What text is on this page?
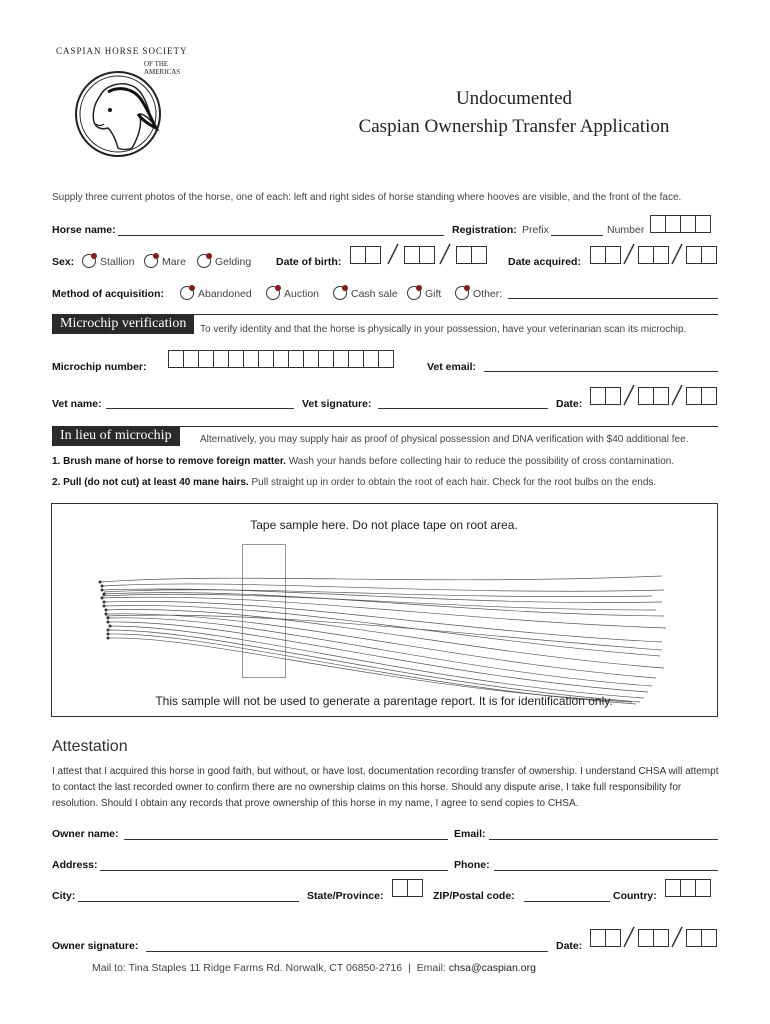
CASPIAN HORSE SOCIETY
OF THE AMERICAS
Undocumented
Caspian Ownership Transfer Application
Supply three current photos of the horse, one of each: left and right sides of horse standing where hooves are visible, and the front of the face.
Horse name:	Registration: Prefix	Number
Sex: Stallion	Mare	Gelding Date of birth:	Date acquired:
Method of acquisition:	Abandoned	Auction	Cash sale	Gift	Other:
Microchip verification	To verify identity and that the horse is physically in your possession, have your veterinarian scan its microchip.
Microchip number:	Vet email:
Vet name:	Vet signature:	Date:
In lieu of microchip	Alternatively, you may supply hair as proof of physical possession and DNA verification with $40 additional fee.
1. Brush mane of horse to remove foreign matter. Wash your hands before collecting hair to reduce the possibility of cross contamination.
2. Pull (do not cut) at least 40 mane hairs. Pull straight up in order to obtain the root of each hair. Check for the root bulbs on the ends.
Tape sample here. Do not place tape on root area.
This sample will not be used to generate a parentage report. It is for identification only.
Attestation
I attest that I acquired this horse in good faith, but without, or have lost, documentation recording transfer of ownership. I understand CHSA will attempt to contact the last recorded owner to confirm there are no ownership claims on this horse. Should any dispute arise, I take full responsibility for resolution. Should I obtain any records that prove ownership of this horse in my name, I agree to send copies to CHSA.
Owner name:	Email:
Address:	Phone:
City:	State/Province:	ZIP/Postal code:	Country:
Owner signature:	Date:
Mail to: Tina Staples 11 Ridge Farms Rd. Norwalk, CT 06850-2716 | Email: chsa@caspian.org
